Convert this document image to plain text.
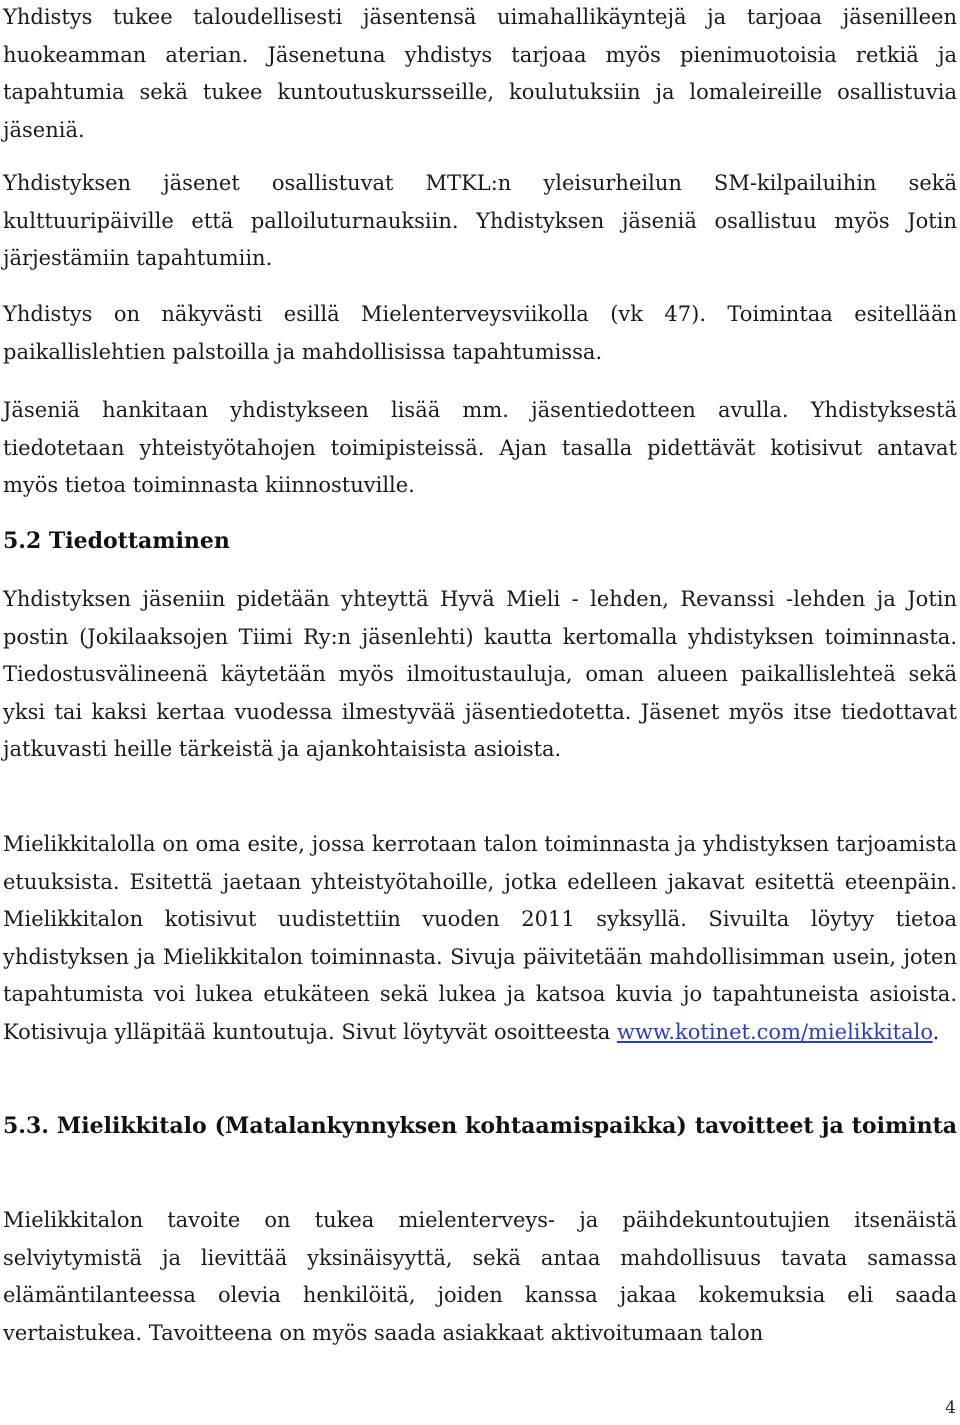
Yhdistys tukee taloudellisesti jäsentensä uimahallikäyntejä ja tarjoaa jäsenilleen huokeamman aterian. Jäsenetuna yhdistys tarjoaa myös pienimuotoisia retkiä ja tapahtumia sekä tukee kuntoutuskursseille, koulutuksiin ja lomaleireille osallistuvia jäseniä.

Yhdistyksen jäsenet osallistuvat MTKL:n yleisurheilun SM-kilpailuihin sekä kulttuuripäiville että palloiluturnauksiin. Yhdistyksen jäseniä osallistuu myös Jotin järjestämiin tapahtumiin.

Yhdistys on näkyvästi esillä Mielenterveysviikolla (vk 47). Toimintaa esitellään paikallislehtien palstoilla ja mahdollisissa tapahtumissa.

Jäseniä hankitaan yhdistykseen lisää mm. jäsentiedotteen avulla. Yhdistyksestä tiedotetaan yhteistyötahojen toimipisteissä. Ajan tasalla pidettävät kotisivut antavat myös tietoa toiminnasta kiinnostuville.

5.2 Tiedottaminen

Yhdistyksen jäseniin pidetään yhteyttä Hyvä Mieli - lehden, Revanssi -lehden ja Jotin postin (Jokilaaksojen Tiimi Ry:n jäsenlehti) kautta kertomalla yhdistyksen toiminnasta. Tiedostusvälineenä käytetään myös ilmoitustauluja, oman alueen paikallislehteä sekä yksi tai kaksi kertaa vuodessa ilmestyvää jäsentiedotetta. Jäsenet myös itse tiedottavat jatkuvasti heille tärkeistä ja ajankohtaisista asioista.

Mielikkitalolla on oma esite, jossa kerrotaan talon toiminnasta ja yhdistyksen tarjoamista etuuksista. Esitettä jaetaan yhteistyötahoille, jotka edelleen jakavat esitettä eteenpäin. Mielikkitalon kotisivut uudistettiin vuoden 2011 syksyllä. Sivuilta löytyy tietoa yhdistyksen ja Mielikkitalon toiminnasta. Sivuja päivitetään mahdollisimman usein, joten tapahtumista voi lukea etukäteen sekä lukea ja katsoa kuvia jo tapahtuneista asioista. Kotisivuja ylläpitää kuntoutuja. Sivut löytyvät osoitteesta www.kotinet.com/mielikkitalo.

5.3. Mielikkitalo (Matalankynnyksen kohtaamispaikka) tavoitteet ja toiminta

Mielikkitalon tavoite on tukea mielenterveys- ja päihdekuntoutujien itsenäistä selviytymistä ja lievittää yksinäisyyttä, sekä antaa mahdollisuus tavata samassa elämäntilanteessa olevia henkilöitä, joiden kanssa jakaa kokemuksia eli saada vertaistukea. Tavoitteena on myös saada asiakkaat aktivoitumaan talon

4
